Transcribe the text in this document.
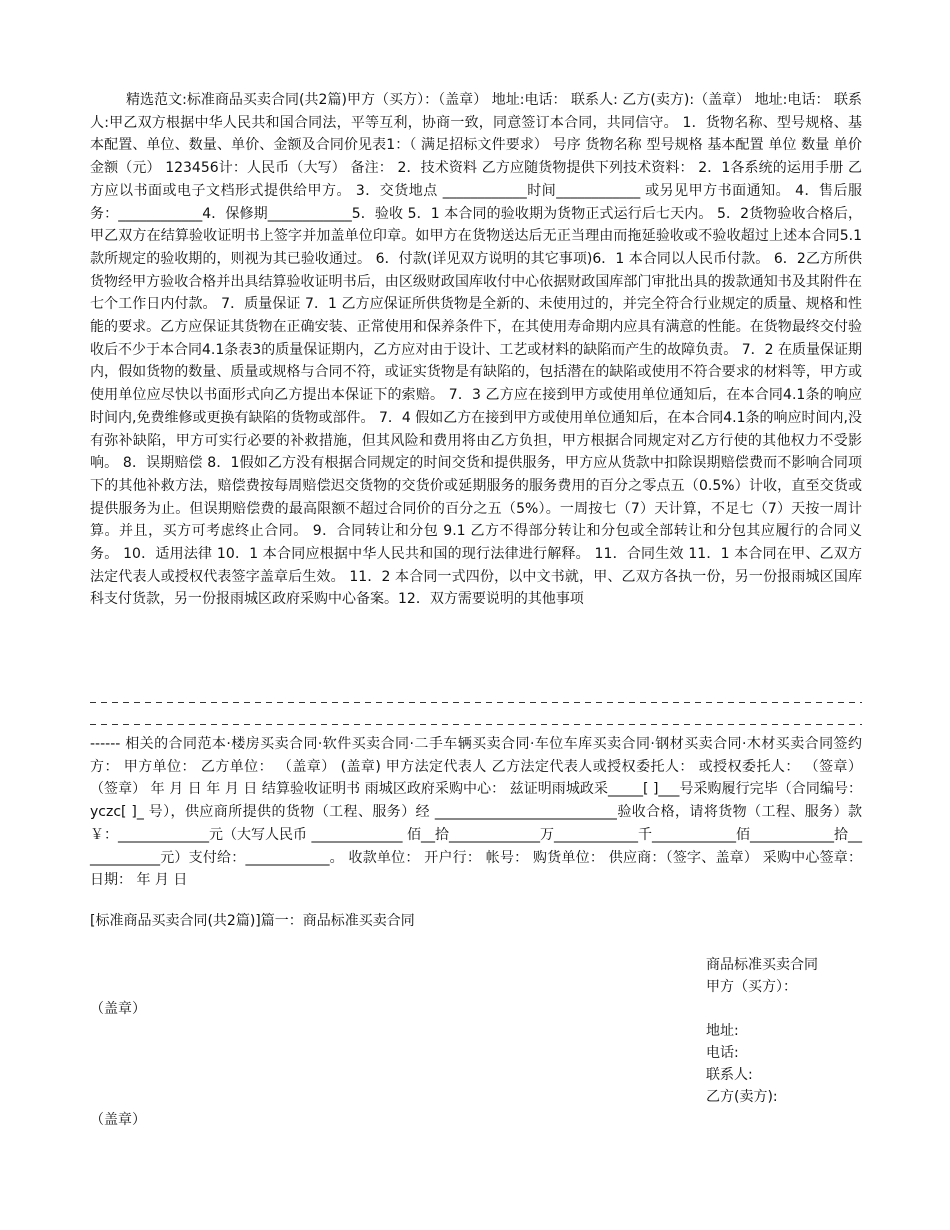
精选范文:标准商品买卖合同(共2篇)甲方（买方）：（盖章） 地址:电话： 联系人: 乙方(卖方):（盖章） 地址:电话： 联系人:甲乙双方根据中华人民共和国合同法，平等互利，协商一致，同意签订本合同，共同信守。 1．货物名称、型号规格、基本配置、单位、数量、单价、金额及合同价见表1：（ 满足招标文件要求） 号序 货物名称 型号规格 基本配置 单位 数量 单价 金额（元） 123456计：人民币（大写） 备注： 2．技术资料 乙方应随货物提供下列技术资料： 2．1各系统的运用手册 乙方应以书面或电子文档形式提供给甲方。 3．交货地点 ____________时间____________ 或另见甲方书面通知。 4．售后服务：____________4．保修期____________5．验收 5．1 本合同的验收期为货物正式运行后七天内。 5．2货物验收合格后，甲乙双方在结算验收证明书上签字并加盖单位印章。如甲方在货物送达后无正当理由而拖延验收或不验收超过上述本合同5.1款所规定的验收期的，则视为其已验收通过。 6．付款(详见双方说明的其它事项)6．1 本合同以人民币付款。 6．2乙方所供货物经甲方验收合格并出具结算验收证明书后，由区级财政国库收付中心依据财政国库部门审批出具的拨款通知书及其附件在七个工作日内付款。 7．质量保证 7．1 乙方应保证所供货物是全新的、未使用过的，并完全符合行业规定的质量、规格和性能的要求。乙方应保证其货物在正确安装、正常使用和保养条件下，在其使用寿命期内应具有满意的性能。在货物最终交付验收后不少于本合同4.1条表3的质量保证期内，乙方应对由于设计、工艺或材料的缺陷而产生的故障负责。 7．2 在质量保证期内，假如货物的数量、质量或规格与合同不符，或证实货物是有缺陷的，包括潜在的缺陷或使用不符合要求的材料等，甲方或使用单位应尽快以书面形式向乙方提出本保证下的索赔。 7．3 乙方应在接到甲方或使用单位通知后，在本合同4.1条的响应时间内,免费维修或更换有缺陷的货物或部件。 7．4 假如乙方在接到甲方或使用单位通知后，在本合同4.1条的响应时间内,没有弥补缺陷，甲方可实行必要的补救措施，但其风险和费用将由乙方负担，甲方根据合同规定对乙方行使的其他权力不受影响。 8．误期赔偿 8．1假如乙方没有根据合同规定的时间交货和提供服务，甲方应从货款中扣除误期赔偿费而不影响合同项下的其他补救方法，赔偿费按每周赔偿迟交货物的交货价或延期服务的服务费用的百分之零点五（0.5%）计收，直至交货或提供服务为止。但误期赔偿费的最高限额不超过合同价的百分之五（5%）。一周按七（7）天计算，不足七（7）天按一周计算。并且，买方可考虑终止合同。 9．合同转让和分包 9.1 乙方不得部分转让和分包或全部转让和分包其应履行的合同义务。 10．适用法律 10．1 本合同应根据中华人民共和国的现行法律进行解释。 11．合同生效 11．1 本合同在甲、乙双方法定代表人或授权代表签字盖章后生效。 11．2 本合同一式四份，以中文书就，甲、乙双方各执一份，另一份报雨城区国库科支付货款，另一份报雨城区政府采购中心备案。12．双方需要说明的其他事项

------ 相关的合同范本·楼房买卖合同·软件买卖合同·二手车辆买卖合同·车位车库买卖合同·钢材买卖合同·木材买卖合同签约方： 甲方单位： 乙方单位： （盖章） (盖章) 甲方法定代表人 乙方法定代表人或授权委托人： 或授权委托人： （签章） （签章） 年 月 日 年 月 日 结算验收证明书 雨城区政府采购中心： 兹证明雨城政采_____[ ]___号采购履行完毕（合同编号： yczc[ ]_ 号），供应商所提供的货物（工程、服务）经 __________________________验收合格，请将货物（工程、服务）款￥：_____________元（大写人民币 _____________ 佰__拾_____________万____________千____________佰____________拾____________元）支付给：____________。 收款单位： 开户行： 帐号： 购货单位： 供应商：（签字、盖章） 采购中心签章： 日期： 年 月 日

[标准商品买卖合同(共2篇)]篇一：商品标准买卖合同

商品标准买卖合同
甲方（买方）：
（盖章）
地址:
电话:
联系人:
乙方(卖方):
（盖章）
